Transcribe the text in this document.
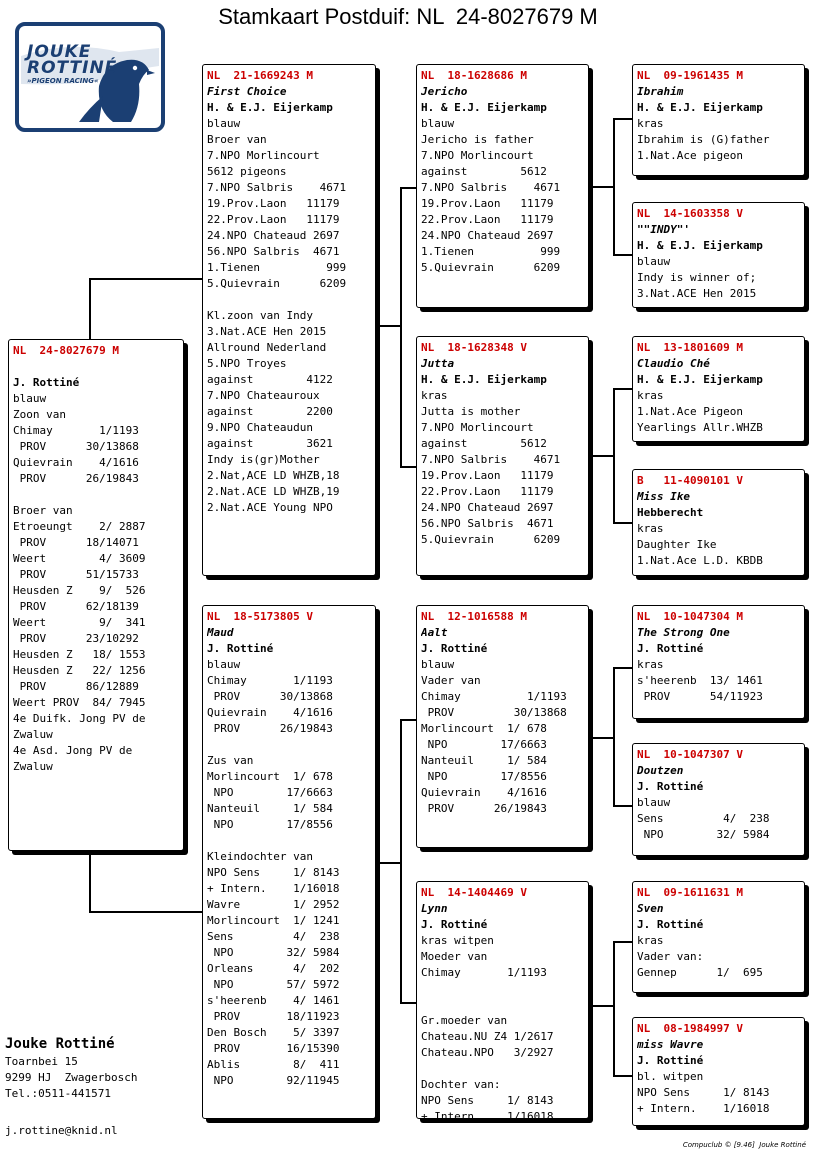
Stamkaart Postduif: NL  24-8027679 M
JOUKE
ROTTINÉ
»PIGEON RACING«
NL  24-8027679 M
J. Rottiné
blauw
Zoon van
Chimay       1/1193
PROV      30/13868
Quievrain    4/1616
PROV      26/19843
Broer van
Etroeungt    2/ 2887
PROV      18/14071
Weert        4/ 3609
PROV      51/15733
Heusden Z    9/  526
PROV      62/18139
Weert        9/  341
PROV      23/10292
Heusden Z   18/ 1553
Heusden Z   22/ 1256
PROV      86/12889
Weert PROV  84/ 7945
4e Duifk. Jong PV de
Zwaluw
4e Asd. Jong PV de
Zwaluw
NL  21-1669243 M
First Choice
H. & E.J. Eijerkamp
blauw
Broer van
7.NPO Morlincourt
5612 pigeons
7.NPO Salbris    4671
19.Prov.Laon   11179
22.Prov.Laon   11179
24.NPO Chateaud 2697
56.NPO Salbris  4671
1.Tienen          999
5.Quievrain      6209
Kl.zoon van Indy
3.Nat.ACE Hen 2015
Allround Nederland
5.NPO Troyes
against        4122
7.NPO Chateauroux
against        2200
9.NPO Chateaudun
against        3621
Indy is(gr)Mother
2.Nat,ACE LD WHZB,18
2.Nat.ACE LD WHZB,19
2.Nat.ACE Young NPO
NL  18-5173805 V
Maud
J. Rottiné
blauw
Chimay       1/1193
PROV      30/13868
Quievrain    4/1616
PROV      26/19843
Zus van
Morlincourt  1/ 678
NPO        17/6663
Nanteuil     1/ 584
NPO        17/8556
Kleindochter van
NPO Sens     1/ 8143
+ Intern.    1/16018
Wavre        1/ 2952
Morlincourt  1/ 1241
Sens         4/  238
NPO        32/ 5984
Orleans      4/  202
NPO        57/ 5972
s'heerenb    4/ 1461
PROV       18/11923
Den Bosch    5/ 3397
PROV       16/15390
Ablis        8/  411
NPO        92/11945
NL  18-1628686 M
Jericho
H. & E.J. Eijerkamp
blauw
Jericho is father
7.NPO Morlincourt
against        5612
7.NPO Salbris    4671
19.Prov.Laon   11179
22.Prov.Laon   11179
24.NPO Chateaud 2697
1.Tienen          999
5.Quievrain      6209
NL  18-1628348 V
Jutta
H. & E.J. Eijerkamp
kras
Jutta is mother
7.NPO Morlincourt
against        5612
7.NPO Salbris    4671
19.Prov.Laon   11179
22.Prov.Laon   11179
24.NPO Chateaud 2697
56.NPO Salbris  4671
5.Quievrain      6209
NL  12-1016588 M
Aalt
J. Rottiné
blauw
Vader van
Chimay          1/1193
PROV         30/13868
Morlincourt  1/ 678
NPO        17/6663
Nanteuil     1/ 584
NPO        17/8556
Quievrain    4/1616
PROV      26/19843
NL  14-1404469 V
Lynn
J. Rottiné
kras witpen
Moeder van
Chimay       1/1193
Gr.moeder van
Chateau.NU Z4 1/2617
Chateau.NPO   3/2927
Dochter van:
NPO Sens     1/ 8143
+ Intern.    1/16018
NL  09-1961435 M
Ibrahim
H. & E.J. Eijerkamp
kras
Ibrahim is (G)father
1.Nat.Ace pigeon
NL  14-1603358 V
""INDY"'
H. & E.J. Eijerkamp
blauw
Indy is winner of;
3.Nat.ACE Hen 2015
NL  13-1801609 M
Claudio Ché
H. & E.J. Eijerkamp
kras
1.Nat.Ace Pigeon
Yearlings Allr.WHZB
B   11-4090101 V
Miss Ike
Hebberecht
kras
Daughter Ike
1.Nat.Ace L.D. KBDB
NL  10-1047304 M
The Strong One
J. Rottiné
kras
s'heerenb  13/ 1461
PROV      54/11923
NL  10-1047307 V
Doutzen
J. Rottiné
blauw
Sens         4/  238
NPO        32/ 5984
NL  09-1611631 M
Sven
J. Rottiné
kras
Vader van:
Gennep      1/  695
NL  08-1984997 V
miss Wavre
J. Rottiné
bl. witpen
NPO Sens     1/ 8143
+ Intern.    1/16018
Jouke Rottiné
Toarnbei 15
9299 HJ  Zwagerbosch
Tel.:0511-441571
j.rottine@knid.nl
Compuclub © [9.46]  Jouke Rottiné
